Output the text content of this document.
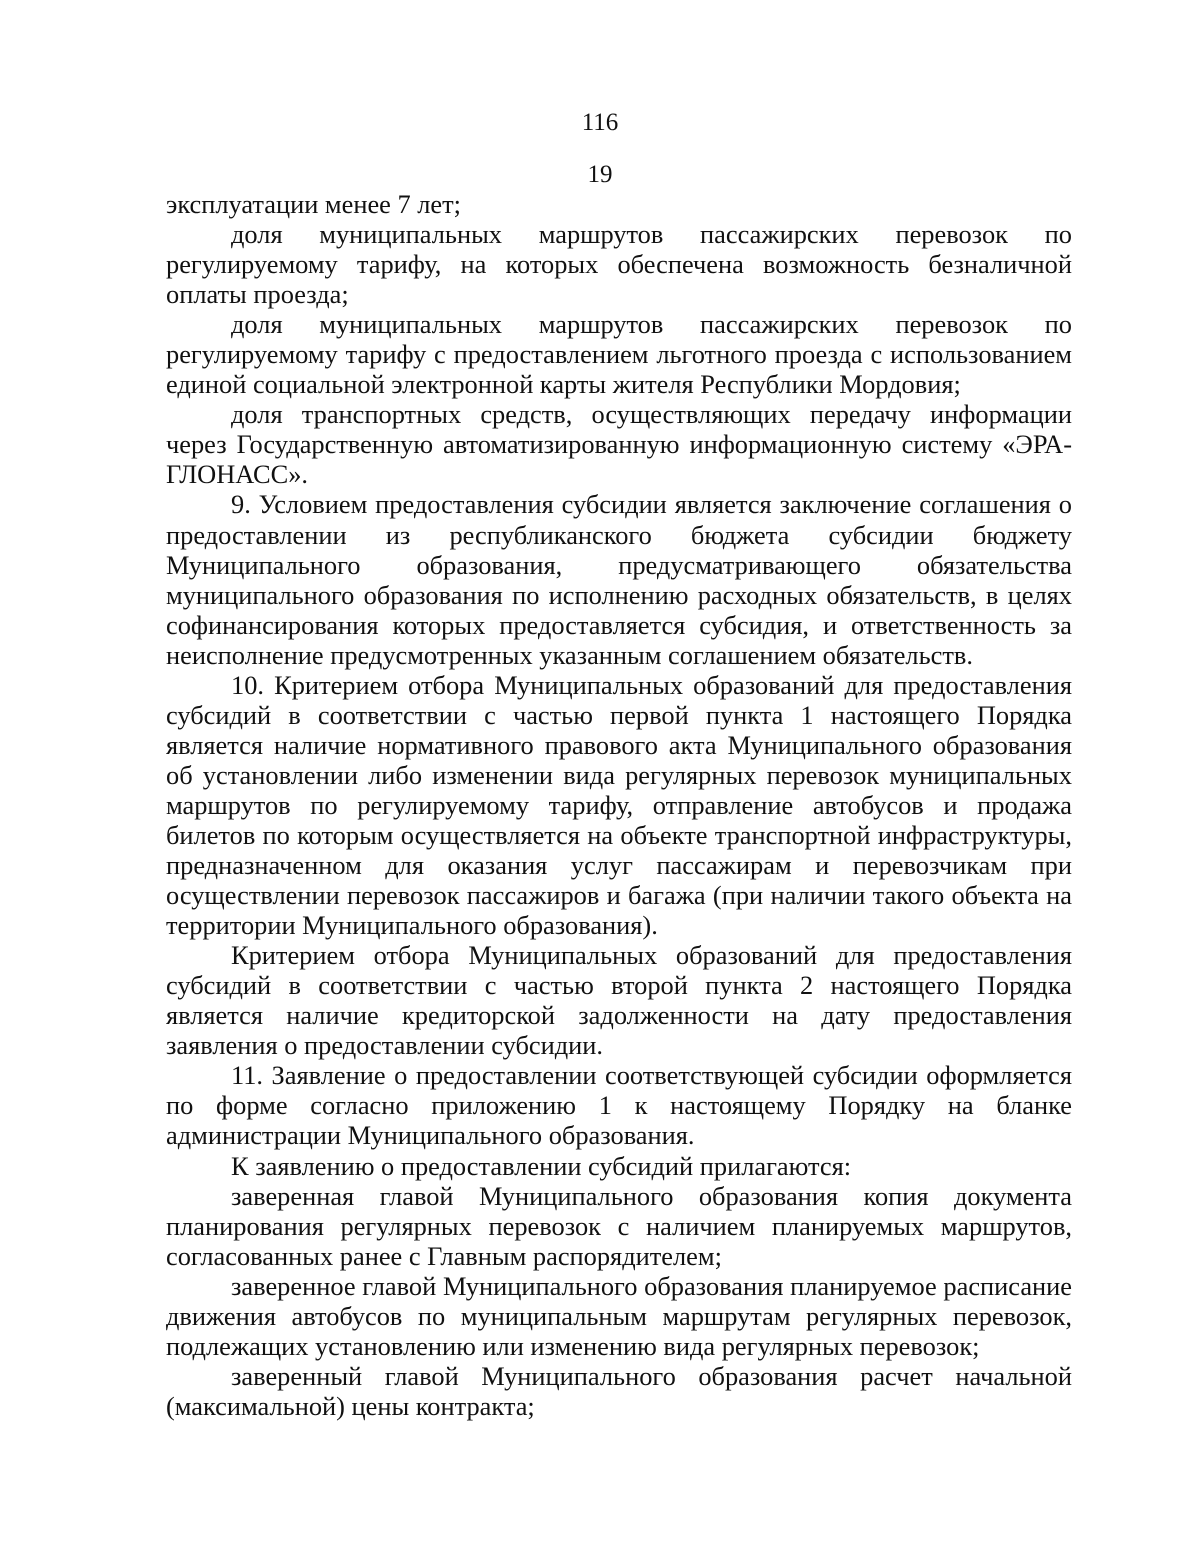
116
19

эксплуатации менее 7 лет;

доля муниципальных маршрутов пассажирских перевозок по регулируемому тарифу, на которых обеспечена возможность безналичной оплаты проезда;

доля муниципальных маршрутов пассажирских перевозок по регулируемому тарифу с предоставлением льготного проезда с использованием единой социальной электронной карты жителя Республики Мордовия;

доля транспортных средств, осуществляющих передачу информации через Государственную автоматизированную информационную систему «ЭРА-ГЛОНАСС».

9. Условием предоставления субсидии является заключение соглашения о предоставлении из республиканского бюджета субсидии бюджету Муниципального образования, предусматривающего обязательства муниципального образования по исполнению расходных обязательств, в целях софинансирования которых предоставляется субсидия, и ответственность за неисполнение предусмотренных указанным соглашением обязательств.

10. Критерием отбора Муниципальных образований для предоставления субсидий в соответствии с частью первой пункта 1 настоящего Порядка является наличие нормативного правового акта Муниципального образования об установлении либо изменении вида регулярных перевозок муниципальных маршрутов по регулируемому тарифу, отправление автобусов и продажа билетов по которым осуществляется на объекте транспортной инфраструктуры, предназначенном для оказания услуг пассажирам и перевозчикам при осуществлении перевозок пассажиров и багажа (при наличии такого объекта на территории Муниципального образования).

Критерием отбора Муниципальных образований для предоставления субсидий в соответствии с частью второй пункта 2 настоящего Порядка является наличие кредиторской задолженности на дату предоставления заявления о предоставлении субсидии.

11. Заявление о предоставлении соответствующей субсидии оформляется по форме согласно приложению 1 к настоящему Порядку на бланке администрации Муниципального образования.

К заявлению о предоставлении субсидий прилагаются:

заверенная главой Муниципального образования копия документа планирования регулярных перевозок с наличием планируемых маршрутов, согласованных ранее с Главным распорядителем;

заверенное главой Муниципального образования планируемое расписание движения автобусов по муниципальным маршрутам регулярных перевозок, подлежащих установлению или изменению вида регулярных перевозок;

заверенный главой Муниципального образования расчет начальной (максимальной) цены контракта;
